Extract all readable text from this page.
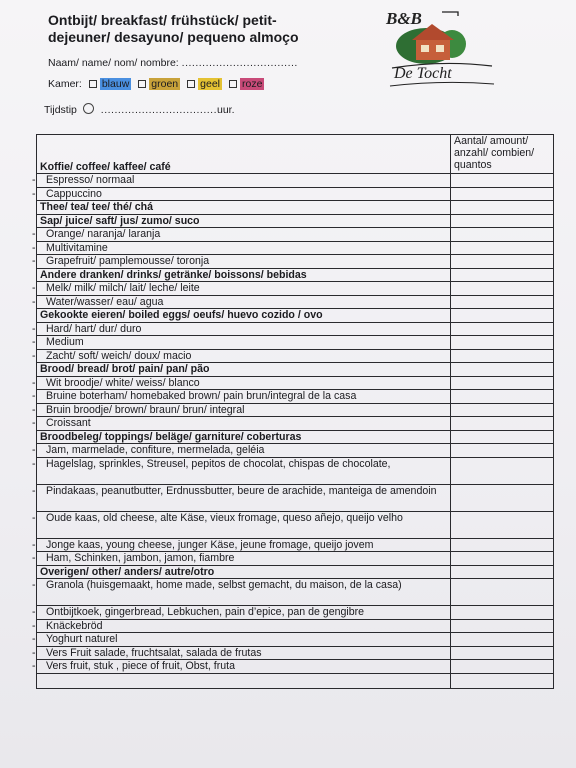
Ontbijt/ breakfast/ frühstück/ petit-
dejeuner/ desayuno/ pequeno almoço
Naam/ name/ nom/ nombre: ..................................
Kamer: blauw groen geel roze
Tijdstip ..................................uur.
B&B
De Tocht
Koffie/ coffee/ kaffee/ café	Aantal/ amount/ anzahl/ combien/ quantos
- Espresso/ normaal	
- Cappuccino	
Thee/ tea/ tee/ thé/ chá	
Sap/ juice/ saft/ jus/ zumo/ suco	
- Orange/ naranja/ laranja	
- Multivitamine	
- Grapefruit/ pamplemousse/ toronja	
Andere dranken/ drinks/ getränke/ boissons/ bebidas	
- Melk/ milk/ milch/ lait/ leche/ leite	
- Water/wasser/ eau/ agua	
Gekookte eieren/ boiled eggs/ oeufs/ huevo cozido / ovo	
- Hard/ hart/ dur/ duro	
- Medium	
- Zacht/ soft/ weich/ doux/ macio	
Brood/ bread/ brot/ pain/ pan/ pão	
- Wit broodje/ white/ weiss/ blanco	
- Bruine boterham/ homebaked brown/ pain brun/integral de la casa	
- Bruin broodje/ brown/ braun/ brun/ integral	
- Croissant	
Broodbeleg/ toppings/ beläge/ garniture/ coberturas	
- Jam, marmelade, confiture, mermelada, geléia	
- Hagelslag, sprinkles, Streusel, pepitos de chocolat, chispas de chocolate,	
- Pindakaas, peanutbutter, Erdnussbutter, beure de arachide, manteiga de amendoin	
- Oude kaas, old cheese, alte Käse, vieux fromage, queso añejo, queijo velho	
- Jonge kaas, young cheese, junger Käse, jeune fromage, queijo jovem	
- Ham, Schinken, jambon, jamon, fiambre	
Overigen/ other/ anders/ autre/otro	
- Granola (huisgemaakt, home made, selbst gemacht, du maison, de la casa)	
- Ontbijtkoek, gingerbread, Lebkuchen, pain d’epice, pan de gengibre	
- Knäckebröd	
- Yoghurt naturel	
- Vers Fruit salade, fruchtsalat, salada de frutas	
- Vers fruit, stuk , piece of fruit, Obst, fruta	
